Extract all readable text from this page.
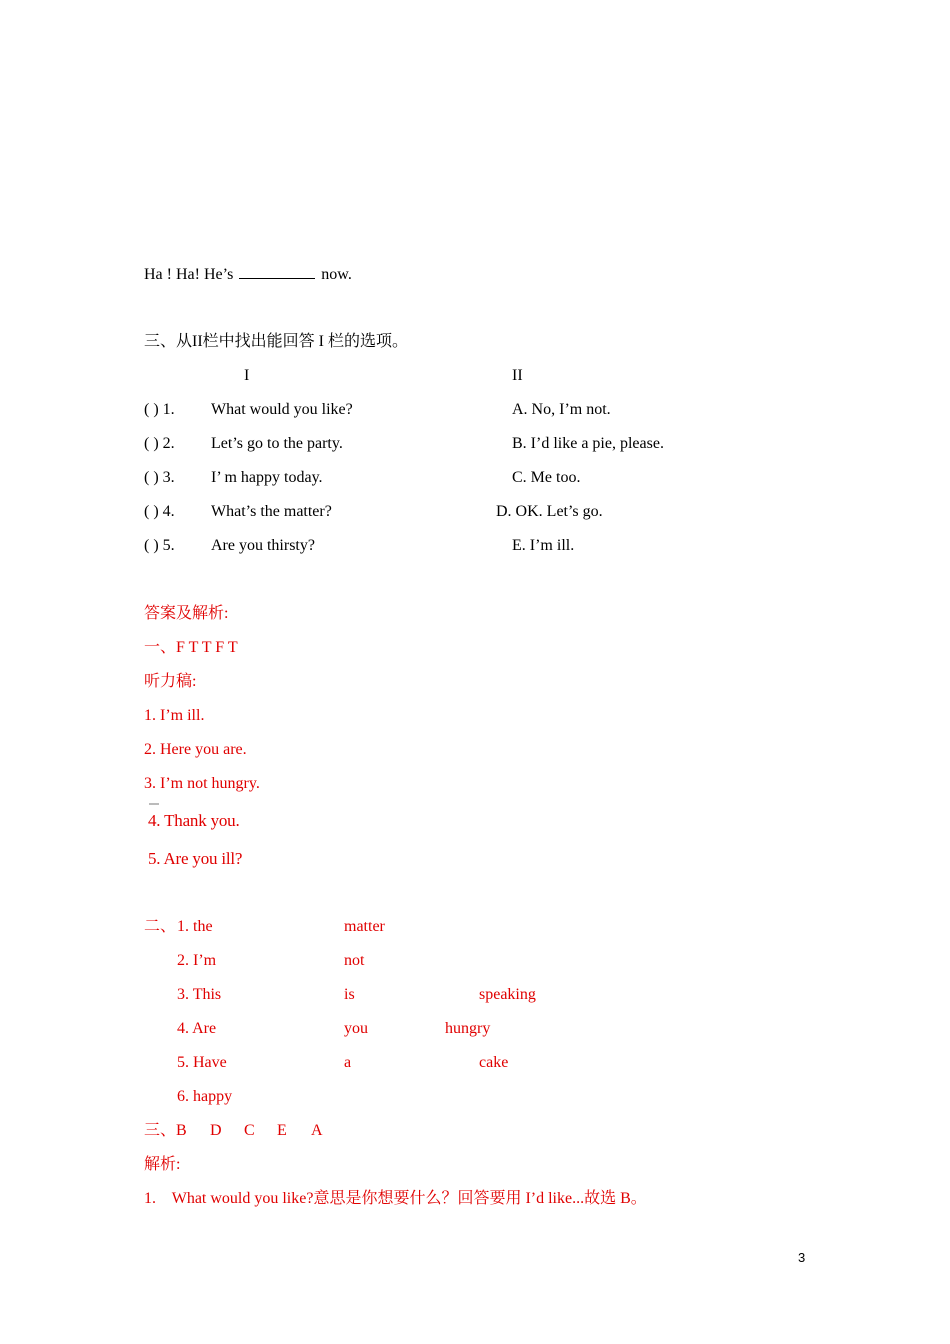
Ha ! Ha! He’s	now.
三、从II栏中找出能回答 I 栏的选项。
I	II
( ) 1. What would you like?	A. No, I’m not.
( ) 2. Let’s go to the party.	B. I’d like a pie, please.
( ) 3. I’ m happy today.	C. Me too.
( ) 4. What’s the matter?	D. OK. Let’s go.
( ) 5. Are you thirsty?	E. I’m ill.
答案及解析:
一、F T T F T
听力稿:
1. I’m ill.
2. Here you are.
3. I’m not hungry.
4. Thank you.
5. Are you ill?
二、 1. the	matter
2. I’m	not
3. This	is	speaking
4. Are	you	hungry
5. Have	a	cake
6. happy
三、B D C E A
解析:
1.    What would you like?意思是你想要什么？回答要用 I’d like...故选 B。
3
